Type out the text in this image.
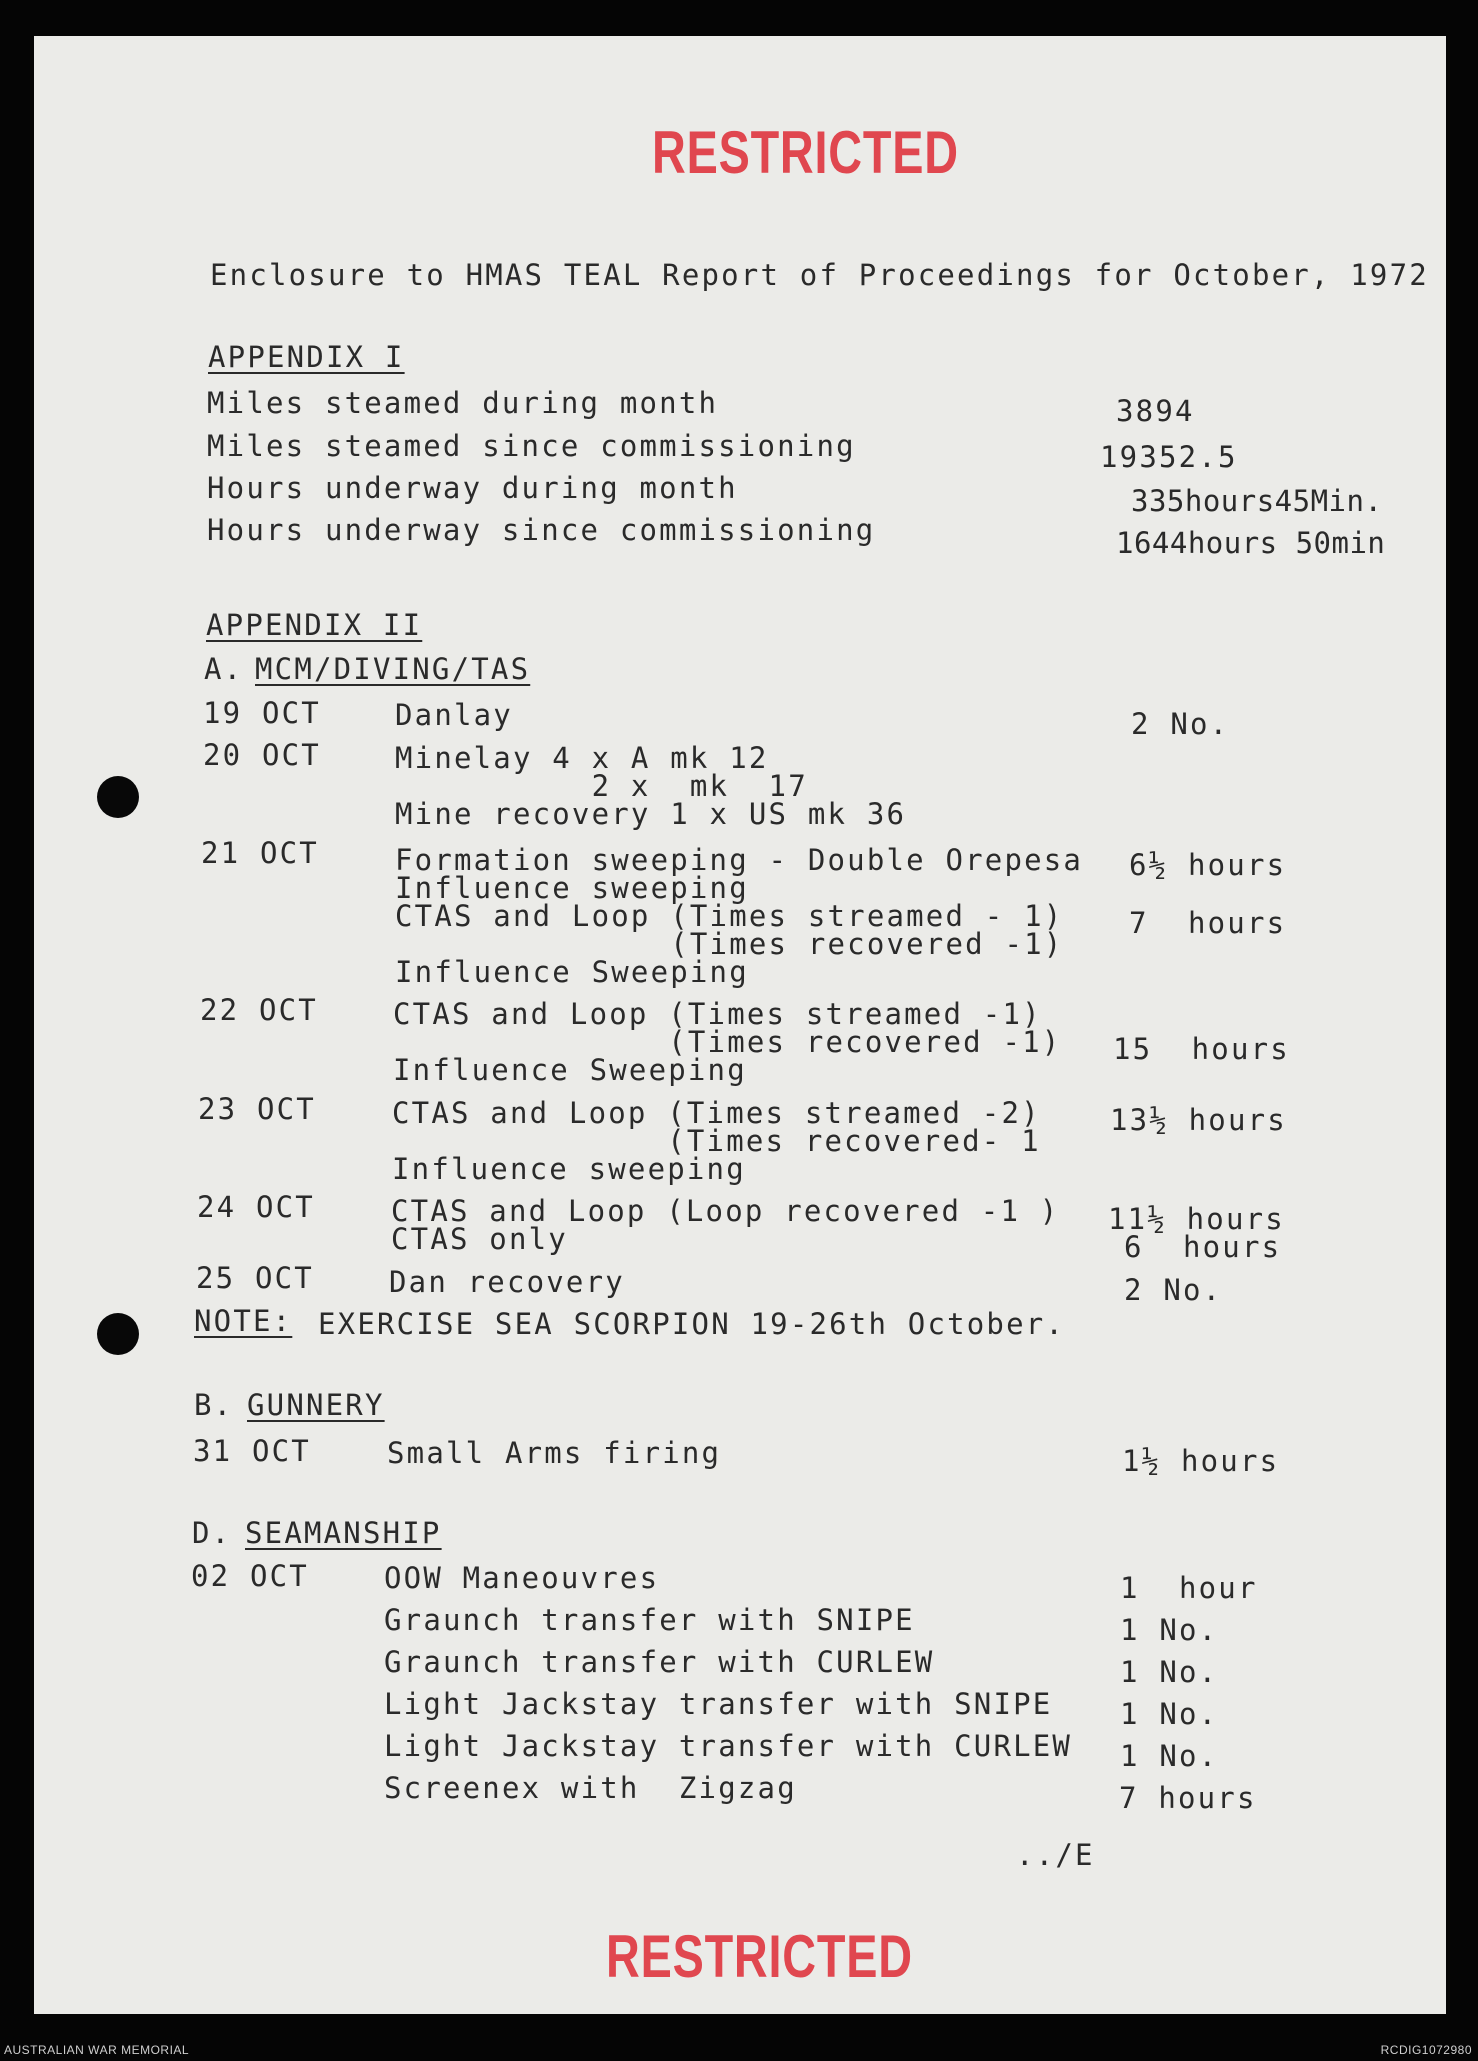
RESTRICTED
Enclosure to HMAS TEAL Report of Proceedings for October, 1972
APPENDIX I
Miles steamed during month	3894
Miles steamed since commissioning	19352.5
Hours underway during month	335hours45Min.
Hours underway since commissioning	1644hours 50min
APPENDIX II
A. MCM/DIVING/TAS
19 OCT	Danlay	2 No.
20 OCT	Minelay 4 x A mk 12
2 x  mk  17
Mine recovery 1 x US mk 36
21 OCT	Formation sweeping - Double Orepesa 6½ hours
Influence sweeping
CTAS and Loop (Times streamed - 1) 7  hours
(Times recovered -1)
Influence Sweeping
22 OCT	CTAS and Loop (Times streamed -1)
(Times recovered -1) 15  hours
Influence Sweeping
23 OCT	CTAS and Loop (Times streamed -2) 13½ hours
(Times recovered- 1
Influence sweeping
24 OCT	CTAS and Loop (Loop recovered -1 ) 11½ hours
CTAS only	6  hours
25 OCT	Dan recovery	2 No.
NOTE: EXERCISE SEA SCORPION 19-26th October.
B. GUNNERY
31 OCT	Small Arms firing	1½ hours
D. SEAMANSHIP
02 OCT	OOW Maneouvres	1  hour
Graunch transfer with SNIPE	1 No.
Graunch transfer with CURLEW	1 No.
Light Jackstay transfer with SNIPE 1 No.
Light Jackstay transfer with CURLEW 1 No.
Screenex with  Zigzag	7 hours
../E
RESTRICTED
AUSTRALIAN WAR MEMORIAL	RCDIG1072980
